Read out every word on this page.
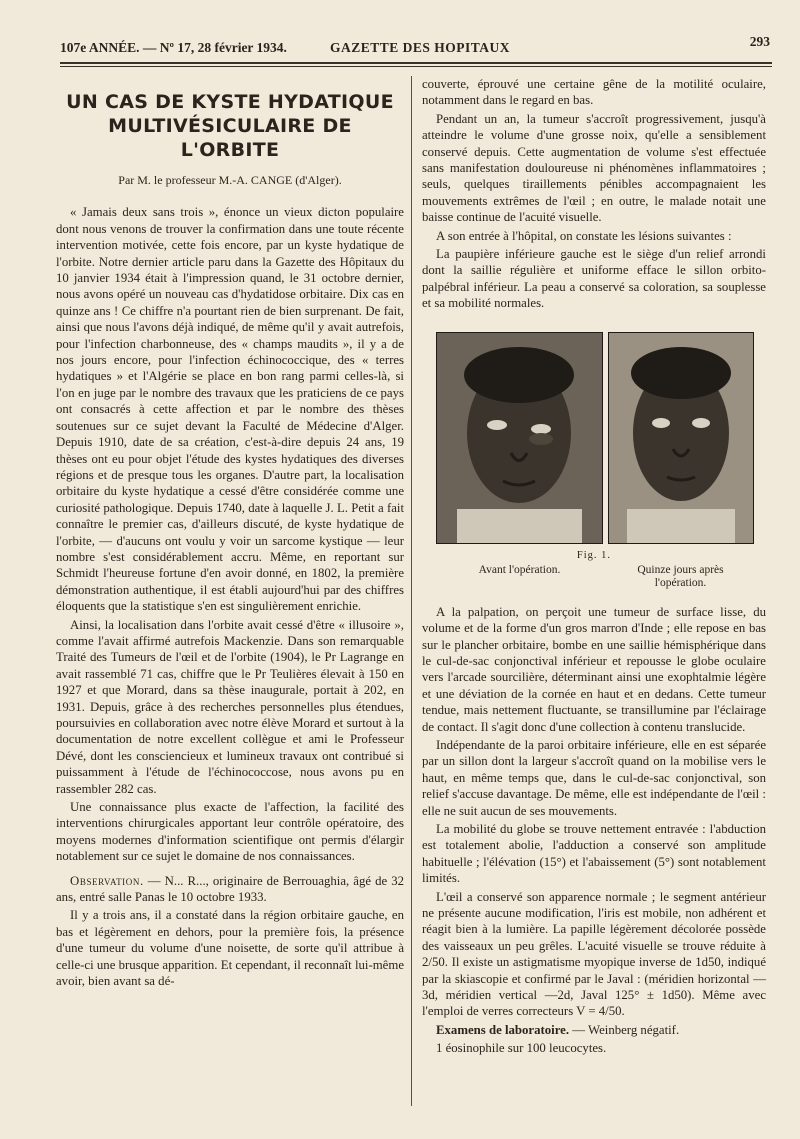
107e ANNÉE. — Nº 17, 28 février 1934.	GAZETTE DES HOPITAUX	293
UN CAS DE KYSTE HYDATIQUE
MULTIVÉSICULAIRE DE L'ORBITE
Par M. le professeur M.-A. CANGE (d'Alger).

« Jamais deux sans trois », énonce un vieux dicton populaire dont nous venons de trouver la confirmation dans une toute récente intervention motivée, cette fois encore, par un kyste hydatique de l'orbite. Notre dernier article paru dans la Gazette des Hôpitaux du 10 janvier 1934 était à l'impression quand, le 31 octobre dernier, nous avons opéré un nouveau cas d'hydatidose orbitaire. Dix cas en quinze ans ! Ce chiffre n'a pourtant rien de bien surprenant. De fait, ainsi que nous l'avons déjà indiqué, de même qu'il y avait autrefois, pour l'infection charbonneuse, des « champs maudits », il y a de nos jours encore, pour l'infection échinococcique, des « terres hydatiques » et l'Algérie se place en bon rang parmi celles-là, si l'on en juge par le nombre des travaux que les praticiens de ce pays ont consacrés à cette affection et par le nombre des thèses soutenues sur ce sujet devant la Faculté de Médecine d'Alger. Depuis 1910, date de sa création, c'est-à-dire depuis 24 ans, 19 thèses ont eu pour objet l'étude des kystes hydatiques des diverses régions et de presque tous les organes. D'autre part, la localisation orbitaire du kyste hydatique a cessé d'être considérée comme une curiosité pathologique. Depuis 1740, date à laquelle J. L. Petit a fait connaître le premier cas, d'ailleurs discuté, de kyste hydatique de l'orbite, — d'aucuns ont voulu y voir un sarcome kystique — leur nombre s'est considérablement accru. Même, en reportant sur Schmidt l'heureuse fortune d'en avoir donné, en 1802, la première démonstration authentique, il est établi aujourd'hui par des chiffres éloquents que la statistique s'en est singulièrement enrichie.

Ainsi, la localisation dans l'orbite avait cessé d'être « illusoire », comme l'avait affirmé autrefois Mackenzie. Dans son remarquable Traité des Tumeurs de l'œil et de l'orbite (1904), le Pr Lagrange en avait rassemblé 71 cas, chiffre que le Pr Teulières élevait à 150 en 1927 et que Morard, dans sa thèse inaugurale, portait à 202, en 1931. Depuis, grâce à des recherches personnelles plus étendues, poursuivies en collaboration avec notre élève Morard et surtout à la documentation de notre excellent collègue et ami le Professeur Dévé, dont les consciencieux et lumineux travaux ont contribué si puissamment à l'étude de l'échinococcose, nous avons pu en rassembler 282 cas.

Une connaissance plus exacte de l'affection, la facilité des interventions chirurgicales apportant leur contrôle opératoire, des moyens modernes d'information scientifique ont permis d'élargir notablement sur ce sujet le domaine de nos connaissances.

Observation. — N... R..., originaire de Berrouaghia, âgé de 32 ans, entré salle Panas le 10 octobre 1933.

Il y a trois ans, il a constaté dans la région orbitaire gauche, en bas et légèrement en dehors, pour la première fois, la présence d'une tumeur du volume d'une noisette, de sorte qu'il attribue à celle-ci une brusque apparition. Et cependant, il reconnaît lui-même avoir, bien avant sa dé-

couverte, éprouvé une certaine gêne de la motilité oculaire, notamment dans le regard en bas.

Pendant un an, la tumeur s'accroît progressivement, jusqu'à atteindre le volume d'une grosse noix, qu'elle a sensiblement conservé depuis. Cette augmentation de volume s'est effectuée sans manifestation douloureuse ni phénomènes inflammatoires ; seuls, quelques tiraillements pénibles accompagnaient les mouvements extrêmes de l'œil ; en outre, le malade notait une baisse continue de l'acuité visuelle.

A son entrée à l'hôpital, on constate les lésions suivantes :

La paupière inférieure gauche est le siège d'un relief arrondi dont la saillie régulière et uniforme efface le sillon orbito-palpébral inférieur. La peau a conservé sa coloration, sa souplesse et sa mobilité normales.

Fig. 1.
Avant l'opération.	Quinze jours après l'opération.

A la palpation, on perçoit une tumeur de surface lisse, du volume et de la forme d'un gros marron d'Inde ; elle repose en bas sur le plancher orbitaire, bombe en une saillie hémisphérique dans le cul-de-sac conjonctival inférieur et repousse le globe oculaire vers l'arcade sourcilière, déterminant ainsi une exophtalmie légère et une déviation de la cornée en haut et en dedans. Cette tumeur tendue, mais nettement fluctuante, se transillumine par l'éclairage de contact. Il s'agit donc d'une collection à contenu translucide.

Indépendante de la paroi orbitaire inférieure, elle en est séparée par un sillon dont la largeur s'accroît quand on la mobilise vers le haut, en même temps que, dans le cul-de-sac conjonctival, son relief s'accuse davantage. De même, elle est indépendante de l'œil : elle ne suit aucun de ses mouvements.

La mobilité du globe se trouve nettement entravée : l'abduction est totalement abolie, l'adduction a conservé son amplitude habituelle ; l'élévation (15°) et l'abaissement (5°) sont notablement limités.

L'œil a conservé son apparence normale ; le segment antérieur ne présente aucune modification, l'iris est mobile, non adhérent et réagit bien à la lumière. La papille légèrement décolorée possède des vaisseaux un peu grêles. L'acuité visuelle se trouve réduite à 2/50. Il existe un astigmatisme myopique inverse de 1d50, indiqué par la skiascopie et confirmé par le Javal : (méridien horizontal —3d, méridien vertical —2d, Javal 125° ± 1d50). Même avec l'emploi de verres correcteurs V = 4/50.

Examens de laboratoire. — Weinberg négatif.

1 éosinophile sur 100 leucocytes.
